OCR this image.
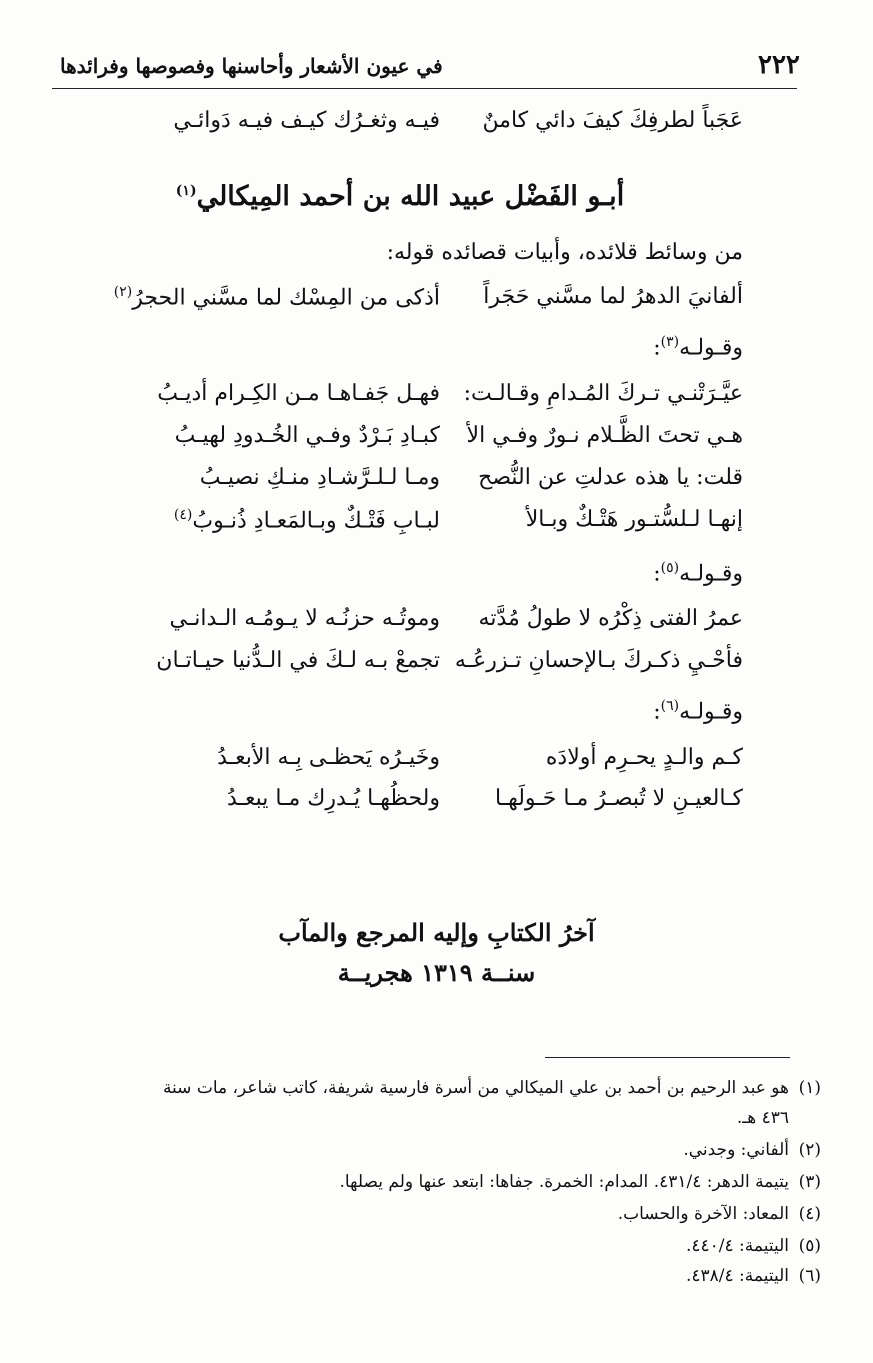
٢٢٢
في عيون الأشعار وأحاسنها وفصوصها وفرائدها
عَجَباً لطرفِكَ كيفَ دائي كامنٌ
فيـه وثغـرُك كيـف فيـه دَوائـي
أبـو الفَضْل عبيد الله بن أحمد المِيكالي$^{(١)}$
من وسائط قلائده، وأبيات قصائده قوله:
ألفانيَ الدهرُ لما مسَّني حَجَراً
أذكى من المِسْك لما مسَّني الحجرُ$^{(٢)}$
وقـولـه$^{(٣)}$:
عيَّـرَتْنـي تـركَ المُـدامِ وقـالـت:
فهـل جَفـاهـا مـن الكِـرام أديـبُ
هـي تحتَ الظَّـلام نـورٌ وفـي الأ
كبـادِ بَـرْدٌ وفـي الخُـدودِ لهيـبُ
قلت: يا هذه عدلتِ عن النُّصح
ومـا لـلـرَّشـادِ منـكِ نصيـبُ
إنهـا لـلسُّتـور هَتْـكٌ وبـالأ
لبـابِ فَتْـكٌ وبـالمَعـادِ ذُنـوبُ$^{(٤)}$
وقـولـه$^{(٥)}$:
عمرُ الفتى ذِكْرُه لا طولُ مُدَّته
وموتُـه حزنُـه لا يـومُـه الـدانـي
فأحْـيِ ذكـركَ بـالإحسانِ تـزرعُـه
تجمعْ بـه لـكَ في الـدُّنيا حيـاتـان
وقـولـه$^{(٦)}$:
كـم والـدٍ يحـرِم أولادَه
وخَيـرُه يَحظـى بِـه الأبعـدُ
كـالعيـنِ لا تُبصـرُ مـا حَـولَهـا
ولحظُهـا يُـدرِك مـا يبعـدُ
آخرُ الكتابِ وإليه المرجع والمآب
سنــة ١٣١٩ هجريــة
(١)
هو عبد الرحيم بن أحمد بن علي الميكالي من أسرة فارسية شريفة، كاتب شاعر، مات سنة
٤٣٦ هـ.
(٢)
ألفاني: وجدني.
(٣)
يتيمة الدهر: ٤٣١/٤. المدام: الخمرة. جفاها: ابتعد عنها ولم يصلها.
(٤)
المعاد: الآخرة والحساب.
(٥)
اليتيمة: ٤٤٠/٤.
(٦)
اليتيمة: ٤٣٨/٤.
